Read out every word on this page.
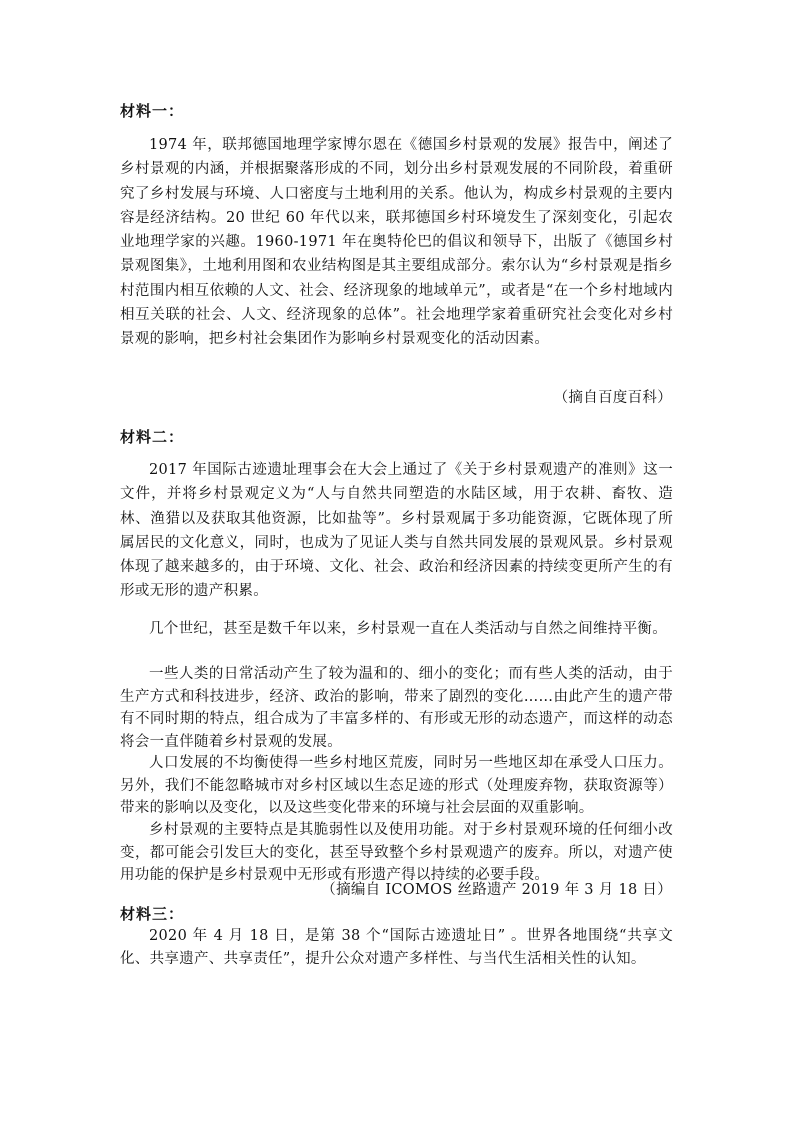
材料一：

1974 年，联邦德国地理学家博尔恩在《德国乡村景观的发展》报告中，阐述了乡村景观的内涵，并根据聚落形成的不同，划分出乡村景观发展的不同阶段，着重研究了乡村发展与环境、人口密度与土地利用的关系。他认为，构成乡村景观的主要内容是经济结构。20 世纪 60 年代以来，联邦德国乡村环境发生了深刻变化，引起农业地理学家的兴趣。1960-1971 年在奥特伦巴的倡议和领导下，出版了《德国乡村景观图集》，土地利用图和农业结构图是其主要组成部分。索尔认为“乡村景观是指乡村范围内相互依赖的人文、社会、经济现象的地域单元”，或者是“在一个乡村地域内相互关联的社会、人文、经济现象的总体”。社会地理学家着重研究社会变化对乡村景观的影响，把乡村社会集团作为影响乡村景观变化的活动因素。

（摘自百度百科）
材料二：

2017 年国际古迹遗址理事会在大会上通过了《关于乡村景观遗产的准则》这一文件，并将乡村景观定义为“人与自然共同塑造的水陆区域，用于农耕、畜牧、造林、渔猎以及获取其他资源，比如盐等”。乡村景观属于多功能资源，它既体现了所属居民的文化意义，同时，也成为了见证人类与自然共同发展的景观风景。乡村景观体现了越来越多的，由于环境、文化、社会、政治和经济因素的持续变更所产生的有形或无形的遗产积累。

几个世纪，甚至是数千年以来，乡村景观一直在人类活动与自然之间维持平衡。

一些人类的日常活动产生了较为温和的、细小的变化；而有些人类的活动，由于生产方式和科技进步，经济、政治的影响，带来了剧烈的变化……由此产生的遗产带有不同时期的特点，组合成为了丰富多样的、有形或无形的动态遗产，而这样的动态将会一直伴随着乡村景观的发展。

人口发展的不均衡使得一些乡村地区荒废，同时另一些地区却在承受人口压力。另外，我们不能忽略城市对乡村区域以生态足迹的形式（处理废弃物，获取资源等）带来的影响以及变化，以及这些变化带来的环境与社会层面的双重影响。

乡村景观的主要特点是其脆弱性以及使用功能。对于乡村景观环境的任何细小改变，都可能会引发巨大的变化，甚至导致整个乡村景观遗产的废弃。所以，对遗产使用功能的保护是乡村景观中无形或有形遗产得以持续的必要手段。

（摘编自 ICOMOS 丝路遗产 2019 年 3 月 18 日）
材料三：

2020 年 4 月 18 日，是第 38 个“国际古迹遗址日” 。世界各地围绕“共享文化、共享遗产、共享责任”，提升公众对遗产多样性、与当代生活相关性的认知。
